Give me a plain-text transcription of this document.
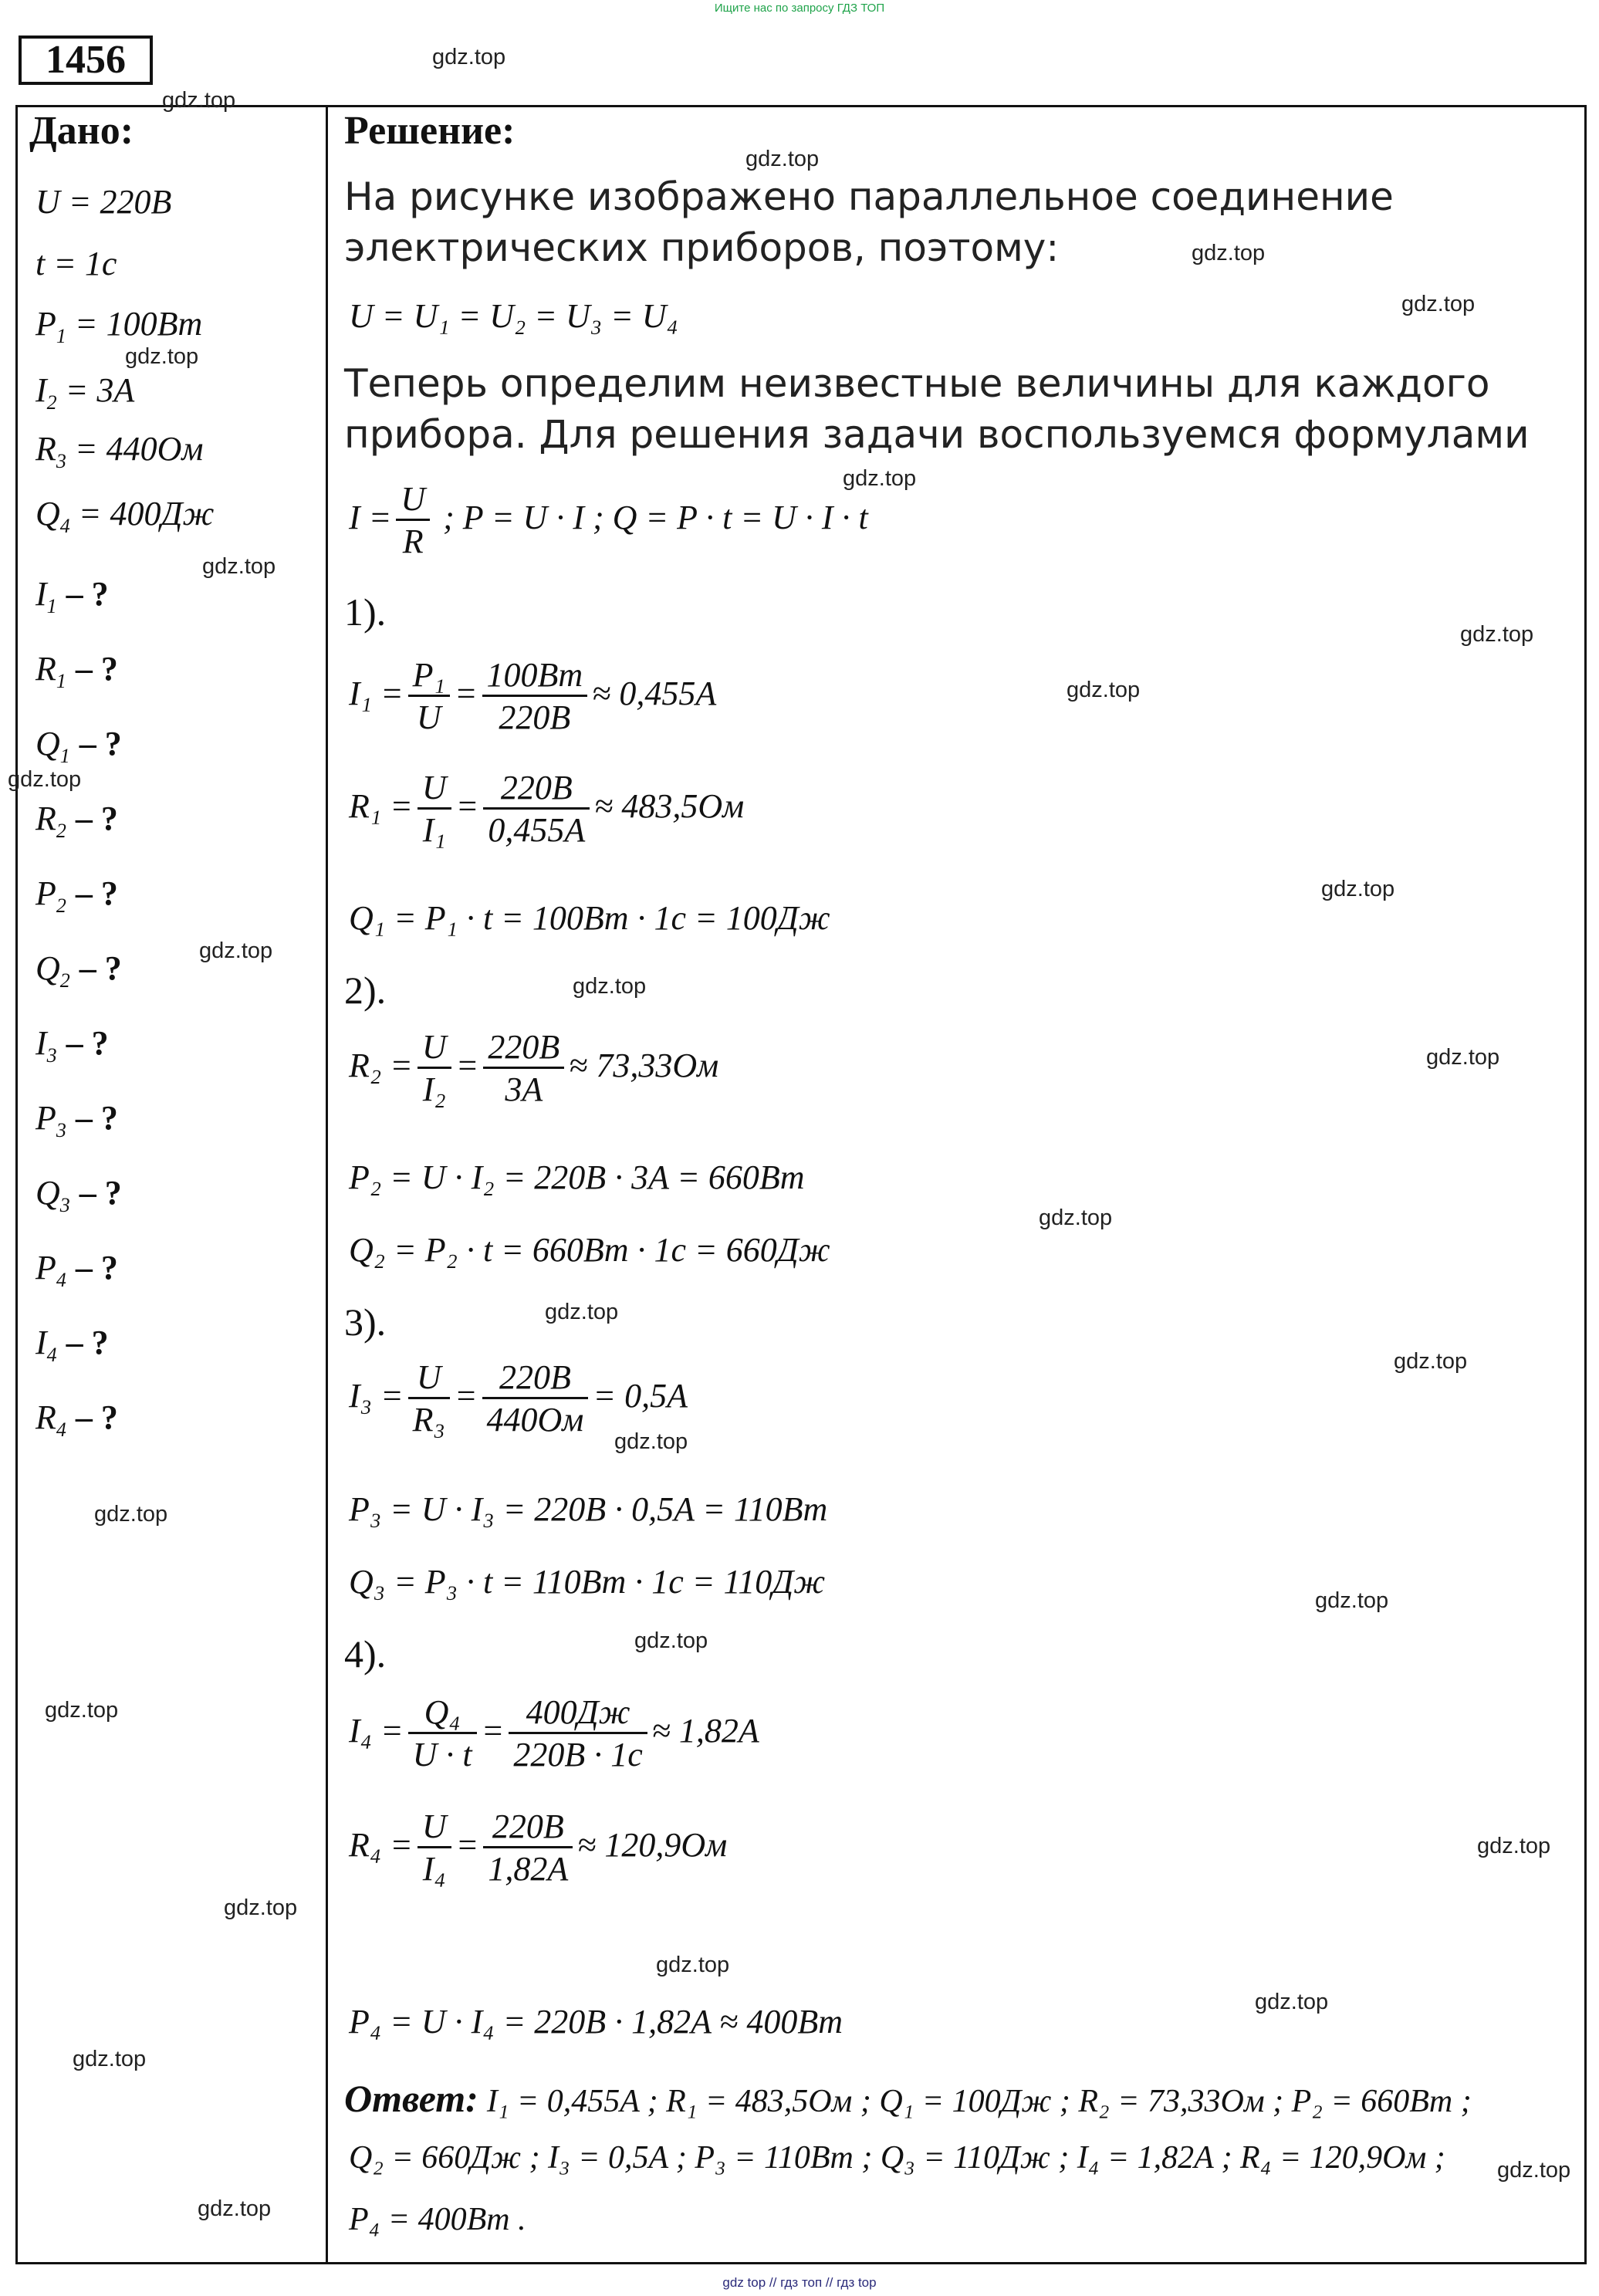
Ищите нас по запросу ГДЗ ТОП
1456
Дано:
U = 220B
t = 1c
$P_1 = 100Bm$
$I_2 = 3A$
$R_3 = 440Ом$
$Q_4 = 400Дж$
$I_1$ – ?
$R_1$ – ?
$Q_1$ – ?
$R_2$ – ?
$P_2$ – ?
$Q_2$ – ?
$I_3$ – ?
$P_3$ – ?
$Q_3$ – ?
$P_4$ – ?
$I_4$ – ?
$R_4$ – ?
Решение:
На рисунке изображено параллельное соединение
электрических приборов, поэтому:
U = U₁ = U₂ = U₃ = U₄
Теперь определим неизвестные величины для каждого
прибора. Для решения задачи воспользуемся формулами
$I = \frac{U}{R}$ ; P = U · I ; Q = P · t = U · I · t
1).
$I_1 = \frac{\text{P₁}}{U} = \frac{100Bm}{220B} \approx 0,455A$
$R_1 = \frac{U}{\text{I₁}} = \frac{220B}{0,455A} \approx 483,5Ом$
Q₁ = P₁ · t = 100Bm · 1c = 100Дж
2).
$R_2 = \frac{U}{\text{I₂}} = \frac{220B}{3A} \approx 73,33Ом$
P₂ = U · I₂ = 220B · 3A = 660Bm
Q₂ = P₂ · t = 660Bm · 1c = 660Дж
3).
$I_3 = \frac{U}{\text{R₃}} = \frac{220B}{440Ом} = 0,5A$
P₃ = U · I₃ = 220B · 0,5A = 110Bm
Q₃ = P₃ · t = 110Bm · 1c = 110Дж
4).
$I_4 = \frac{\text{Q₄}}{U \cdot t} = \frac{400Дж}{220B \cdot 1c} \approx 1,82A$
$R_4 = \frac{U}{\text{I₄}} = \frac{220B}{1,82A} \approx 120,9Ом$
P₄ = U · I₄ = 220B · 1,82A ≈ 400Bm
Ответ: I₁ = 0,455A ; R₁ = 483,5Ом ; Q₁ = 100Дж ; R₂ = 73,33Ом ; P₂ = 660Bm ;
Q₂ = 660Дж ; I₃ = 0,5A ; P₃ = 110Bm ; Q₃ = 110Дж ; I₄ = 1,82A ; R₄ = 120,9Ом ;
P₄ = 400Bm .
gdz.top
gdz.top
gdz.top
gdz.top
gdz.top
gdz.top
gdz.top
gdz.top
gdz.top
gdz.top
gdz.top
gdz.top
gdz.top
gdz.top
gdz.top
gdz.top
gdz.top
gdz.top
gdz.top
gdz.top
gdz.top
gdz.top
gdz.top
gdz.top
gdz.top
gdz.top
gdz.top
gdz.top
gdz.top
gdz.top
gdz top // гдз топ // гдз top
